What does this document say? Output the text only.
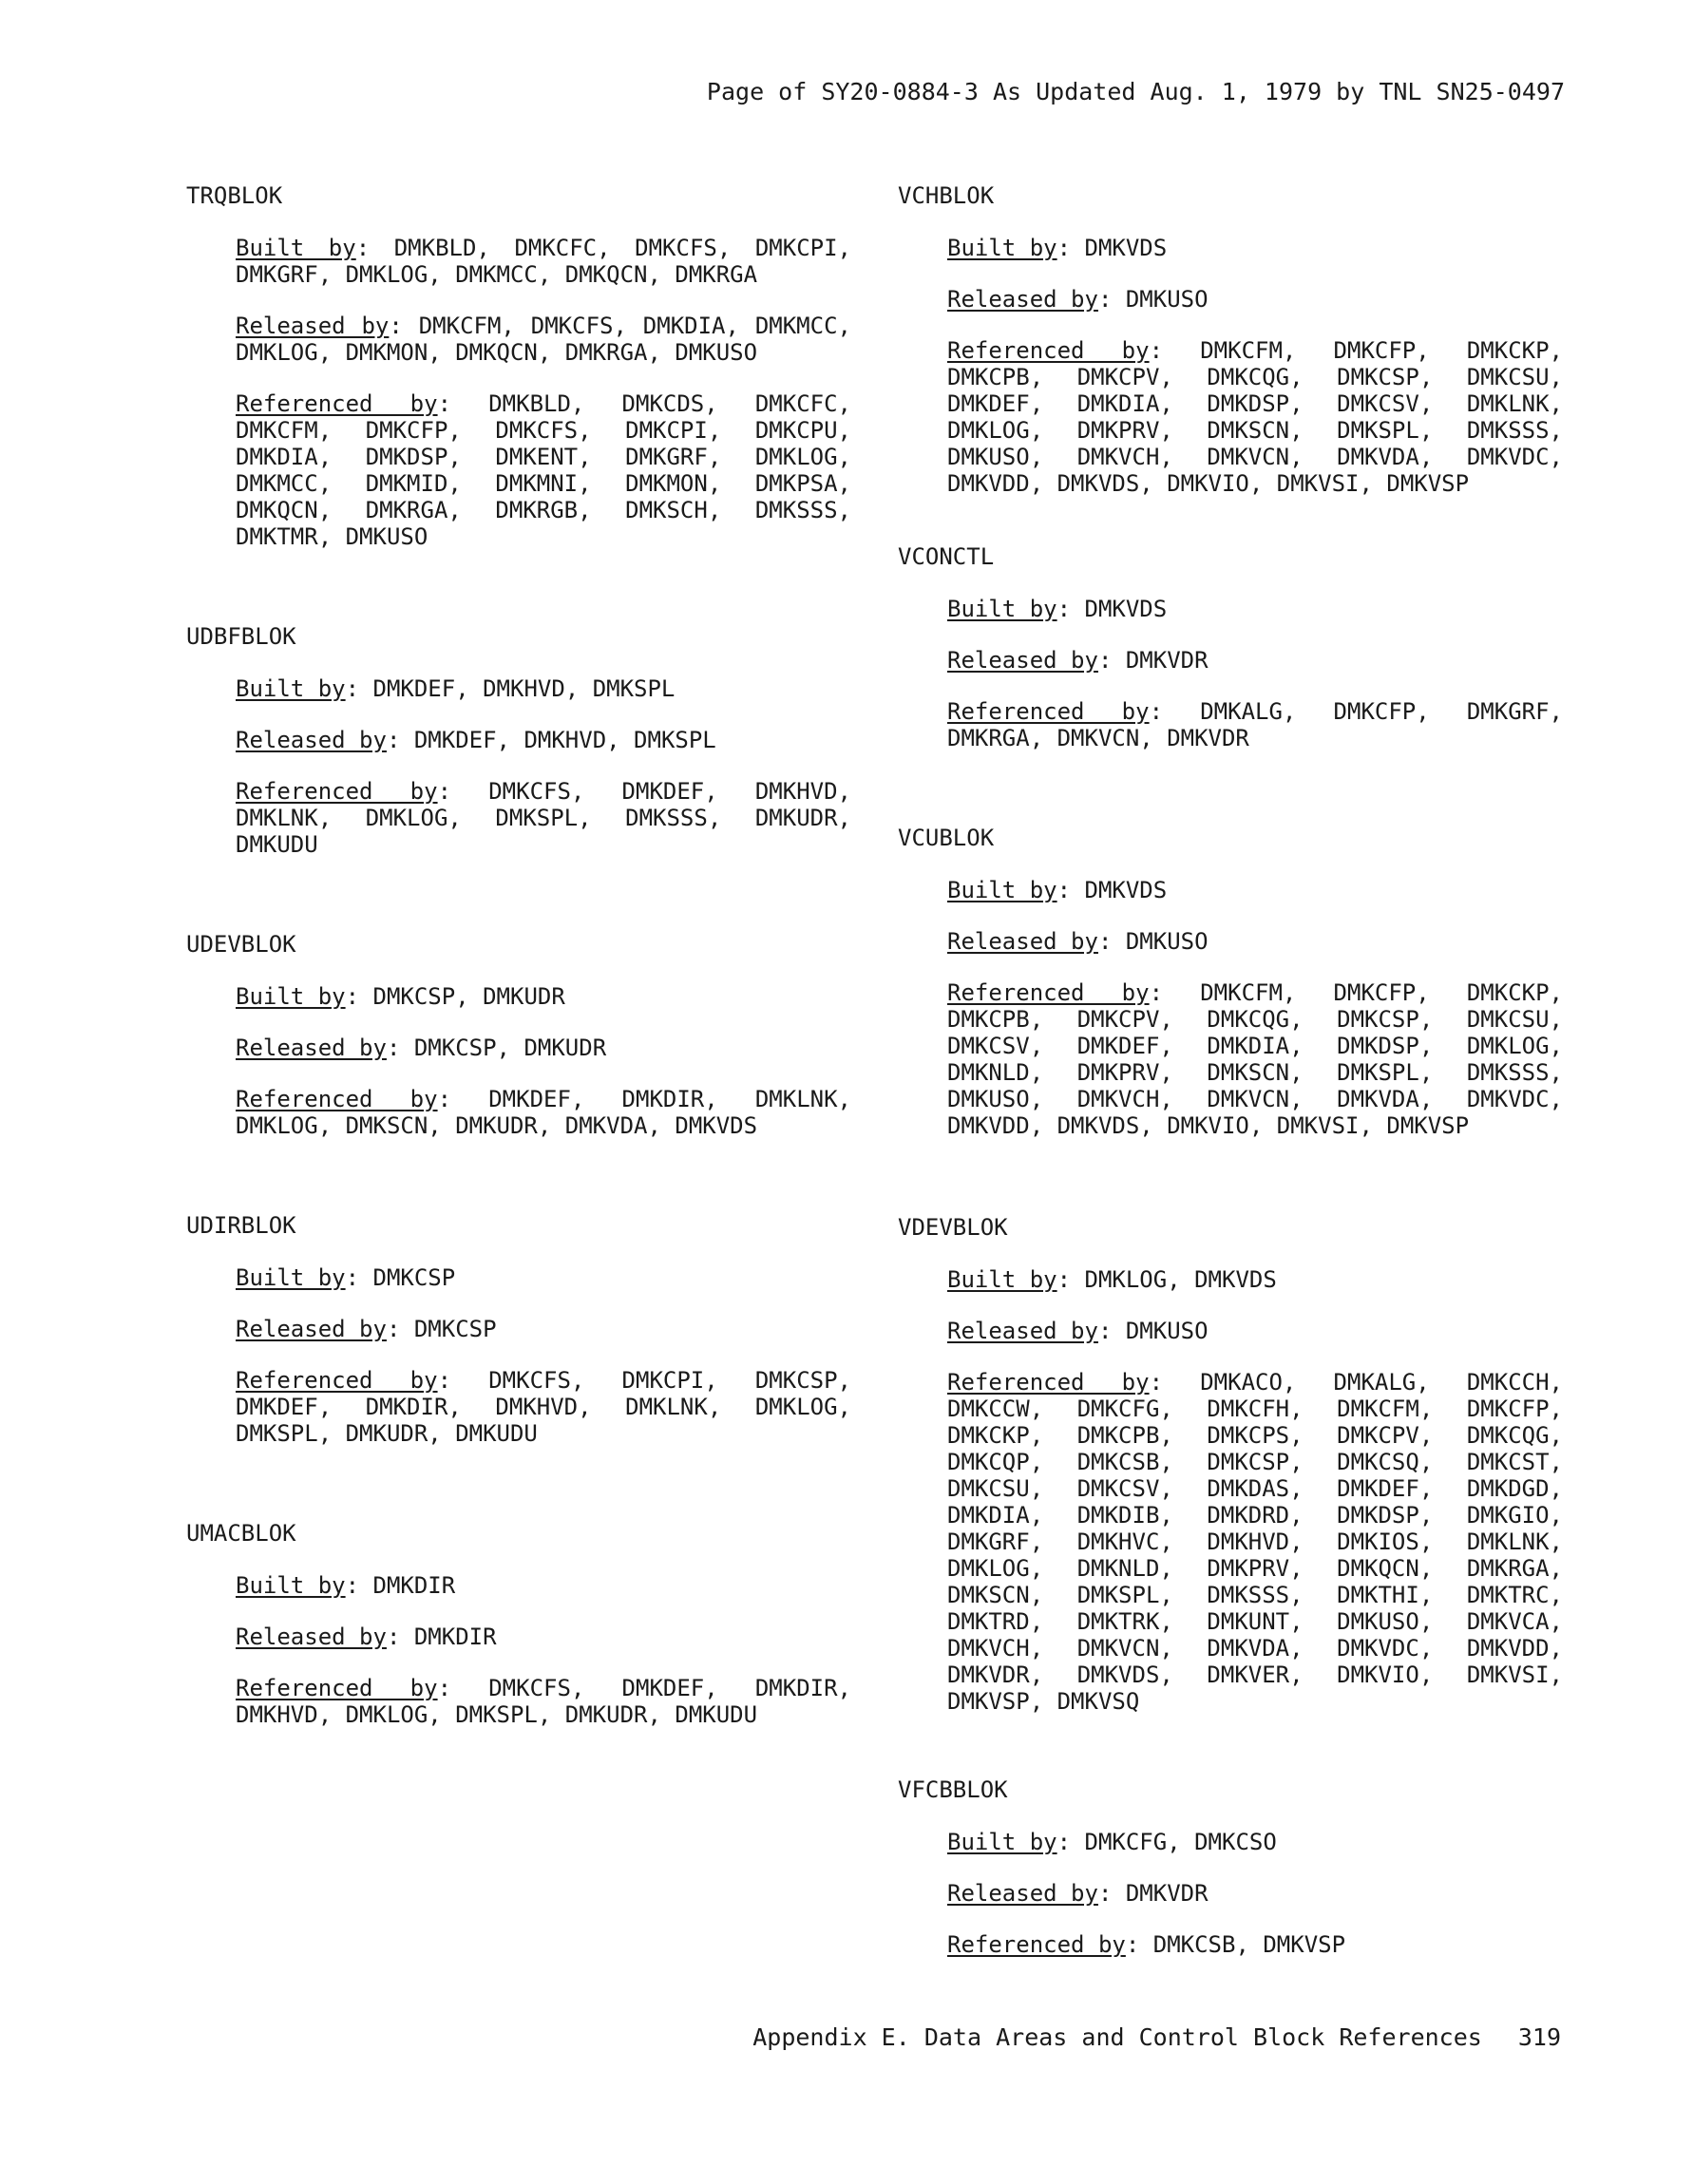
Page of SY20-0884-3 As Updated Aug. 1, 1979 by TNL SN25-0497
TRQBLOK
Built by: DMKBLD, DMKCFC, DMKCFS, DMKCPI, DMKGRF, DMKLOG, DMKMCC, DMKQCN, DMKRGA
Released by: DMKCFM, DMKCFS, DMKDIA, DMKMCC, DMKLOG, DMKMON, DMKQCN, DMKRGA, DMKUSO
Referenced by: DMKBLD, DMKCDS, DMKCFC, DMKCFM, DMKCFP, DMKCFS, DMKCPI, DMKCPU, DMKDIA, DMKDSP, DMKENT, DMKGRF, DMKLOG, DMKMCC, DMKMID, DMKMNI, DMKMON, DMKPSA, DMKQCN, DMKRGA, DMKRGB, DMKSCH, DMKSSS, DMKTMR, DMKUSO
UDBFBLOK
Built by: DMKDEF, DMKHVD, DMKSPL
Released by: DMKDEF, DMKHVD, DMKSPL
Referenced by: DMKCFS, DMKDEF, DMKHVD, DMKLNK, DMKLOG, DMKSPL, DMKSSS, DMKUDR, DMKUDU
UDEVBLOK
Built by: DMKCSP, DMKUDR
Released by: DMKCSP, DMKUDR
Referenced by: DMKDEF, DMKDIR, DMKLNK, DMKLOG, DMKSCN, DMKUDR, DMKVDA, DMKVDS
UDIRBLOK
Built by: DMKCSP
Released by: DMKCSP
Referenced by: DMKCFS, DMKCPI, DMKCSP, DMKDEF, DMKDIR, DMKHVD, DMKLNK, DMKLOG, DMKSPL, DMKUDR, DMKUDU
UMACBLOK
Built by: DMKDIR
Released by: DMKDIR
Referenced by: DMKCFS, DMKDEF, DMKDIR, DMKHVD, DMKLOG, DMKSPL, DMKUDR, DMKUDU
VCHBLOK
Built by: DMKVDS
Released by: DMKUSO
Referenced by: DMKCFM, DMKCFP, DMKCKP, DMKCPB, DMKCPV, DMKCQG, DMKCSP, DMKCSU, DMKDEF, DMKDIA, DMKDSP, DMKCSV, DMKLNK, DMKLOG, DMKPRV, DMKSCN, DMKSPL, DMKSSS, DMKUSO, DMKVCH, DMKVCN, DMKVDA, DMKVDC, DMKVDD, DMKVDS, DMKVIO, DMKVSI, DMKVSP
VCONCTL
Built by: DMKVDS
Released by: DMKVDR
Referenced by: DMKALG, DMKCFP, DMKGRF, DMKRGA, DMKVCN, DMKVDR
VCUBLOK
Built by: DMKVDS
Released by: DMKUSO
Referenced by: DMKCFM, DMKCFP, DMKCKP, DMKCPB, DMKCPV, DMKCQG, DMKCSP, DMKCSU, DMKCSV, DMKDEF, DMKDIA, DMKDSP, DMKLOG, DMKNLD, DMKPRV, DMKSCN, DMKSPL, DMKSSS, DMKUSO, DMKVCH, DMKVCN, DMKVDA, DMKVDC, DMKVDD, DMKVDS, DMKVIO, DMKVSI, DMKVSP
VDEVBLOK
Built by: DMKLOG, DMKVDS
Released by: DMKUSO
Referenced by: DMKACO, DMKALG, DMKCCH, DMKCCW, DMKCFG, DMKCFH, DMKCFM, DMKCFP, DMKCKP, DMKCPB, DMKCPS, DMKCPV, DMKCQG, DMKCQP, DMKCSB, DMKCSP, DMKCSQ, DMKCST, DMKCSU, DMKCSV, DMKDAS, DMKDEF, DMKDGD, DMKDIA, DMKDIB, DMKDRD, DMKDSP, DMKGIO, DMKGRF, DMKHVC, DMKHVD, DMKIOS, DMKLNK, DMKLOG, DMKNLD, DMKPRV, DMKQCN, DMKRGA, DMKSCN, DMKSPL, DMKSSS, DMKTHI, DMKTRC, DMKTRD, DMKTRK, DMKUNT, DMKUSO, DMKVCA, DMKVCH, DMKVCN, DMKVDA, DMKVDC, DMKVDD, DMKVDR, DMKVDS, DMKVER, DMKVIO, DMKVSI, DMKVSP, DMKVSQ
VFCBBLOK
Built by: DMKCFG, DMKCSO
Released by: DMKVDR
Referenced by: DMKCSB, DMKVSP
Appendix E. Data Areas and Control Block References 319
